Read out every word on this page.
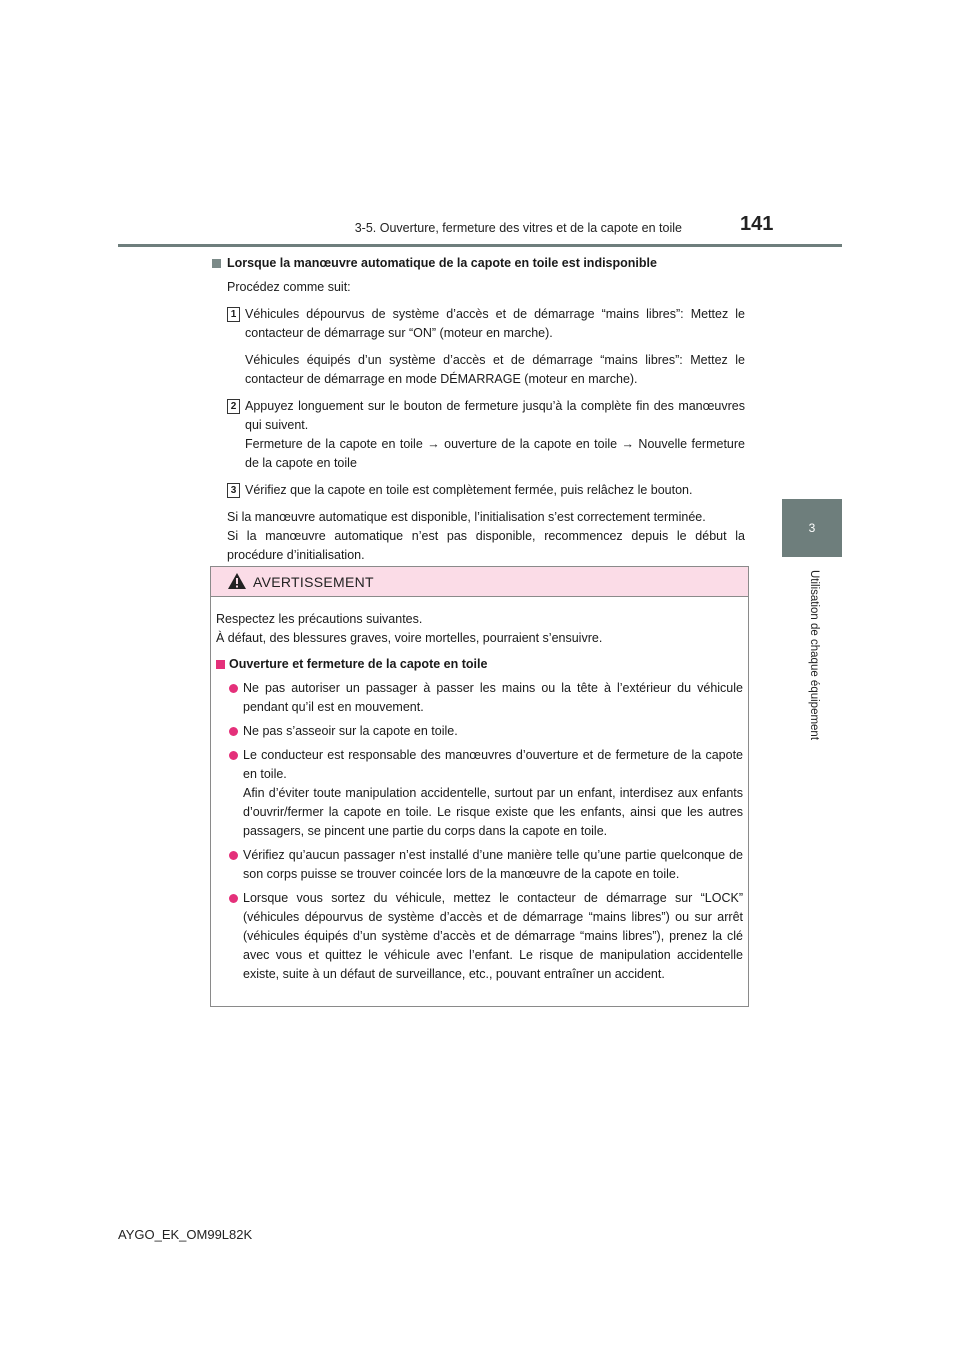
3-5. Ouverture, fermeture des vitres et de la capote en toile	141
3
Utilisation de chaque équipement
Lorsque la manœuvre automatique de la capote en toile est indisponible
Procédez comme suit:
1 Véhicules dépourvus de système d’accès et de démarrage “mains libres”: Mettez le contacteur de démarrage sur “ON” (moteur en marche).

Véhicules équipés d’un système d’accès et de démarrage “mains libres”: Mettez le contacteur de démarrage en mode DÉMARRAGE (moteur en marche).

2 Appuyez longuement sur le bouton de fermeture jusqu’à la complète fin des manœuvres qui suivent.

Fermeture de la capote en toile → ouverture de la capote en toile → Nouvelle fermeture de la capote en toile

3 Vérifiez que la capote en toile est complètement fermée, puis relâchez le bouton.

Si la manœuvre automatique est disponible, l’initialisation s’est correctement terminée.

Si la manœuvre automatique n’est pas disponible, recommencez depuis le début la procédure d’initialisation.

AVERTISSEMENT

Respectez les précautions suivantes.

À défaut, des blessures graves, voire mortelles, pourraient s’ensuivre.

Ouverture et fermeture de la capote en toile

Ne pas autoriser un passager à passer les mains ou la tête à l’extérieur du véhicule pendant qu’il est en mouvement.

Ne pas s’asseoir sur la capote en toile.

Le conducteur est responsable des manœuvres d’ouverture et de fermeture de la capote en toile.

Afin d’éviter toute manipulation accidentelle, surtout par un enfant, interdisez aux enfants d’ouvrir/fermer la capote en toile. Le risque existe que les enfants, ainsi que les autres passagers, se pincent une partie du corps dans la capote en toile.

Vérifiez qu’aucun passager n’est installé d’une manière telle qu’une partie quelconque de son corps puisse se trouver coincée lors de la manœuvre de la capote en toile.

Lorsque vous sortez du véhicule, mettez le contacteur de démarrage sur “LOCK” (véhicules dépourvus de système d’accès et de démarrage “mains libres”) ou sur arrêt (véhicules équipés d’un système d’accès et de démarrage “mains libres”), prenez la clé avec vous et quittez le véhicule avec l’enfant. Le risque de manipulation accidentelle existe, suite à un défaut de surveillance, etc., pouvant entraîner un accident.

AYGO_EK_OM99L82K
